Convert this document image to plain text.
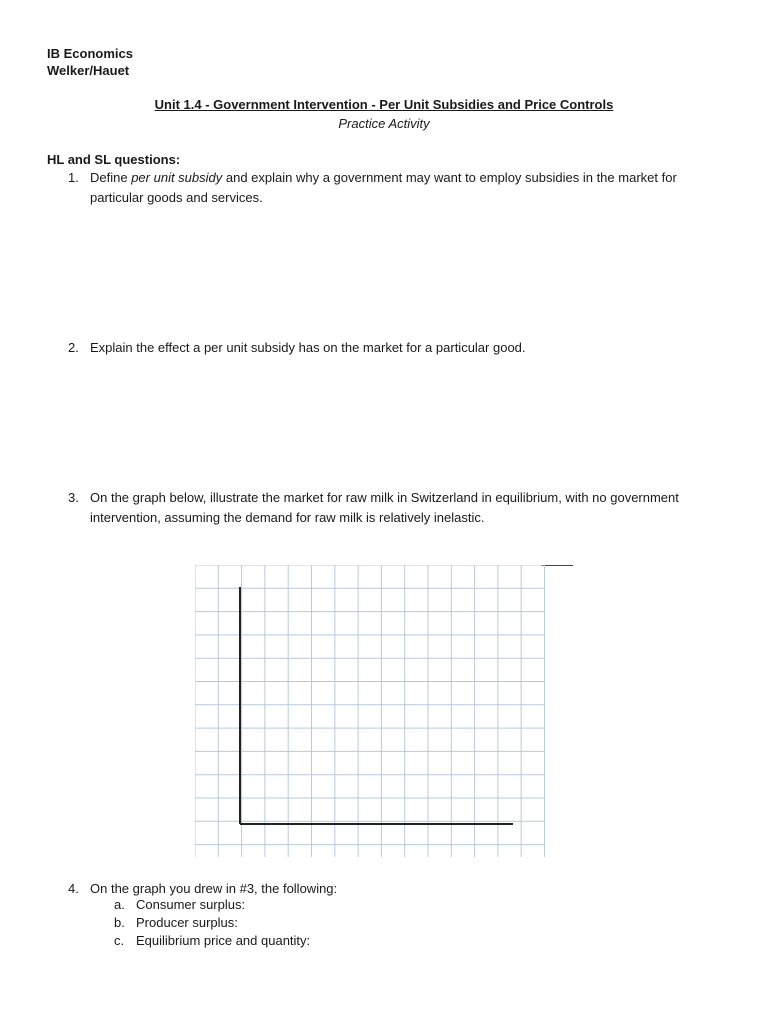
IB Economics
Welker/Hauet
Unit 1.4 - Government Intervention - Per Unit Subsidies and Price Controls
Practice Activity
HL and SL questions:
1. Define per unit subsidy and explain why a government may want to employ subsidies in the market for particular goods and services.
2. Explain the effect a per unit subsidy has on the market for a particular good.
3. On the graph below, illustrate the market for raw milk in Switzerland in equilibrium, with no government intervention, assuming the demand for raw milk is relatively inelastic.
4. On the graph you drew in #3, the following:
a. Consumer surplus:
b. Producer surplus:
c. Equilibrium price and quantity:
